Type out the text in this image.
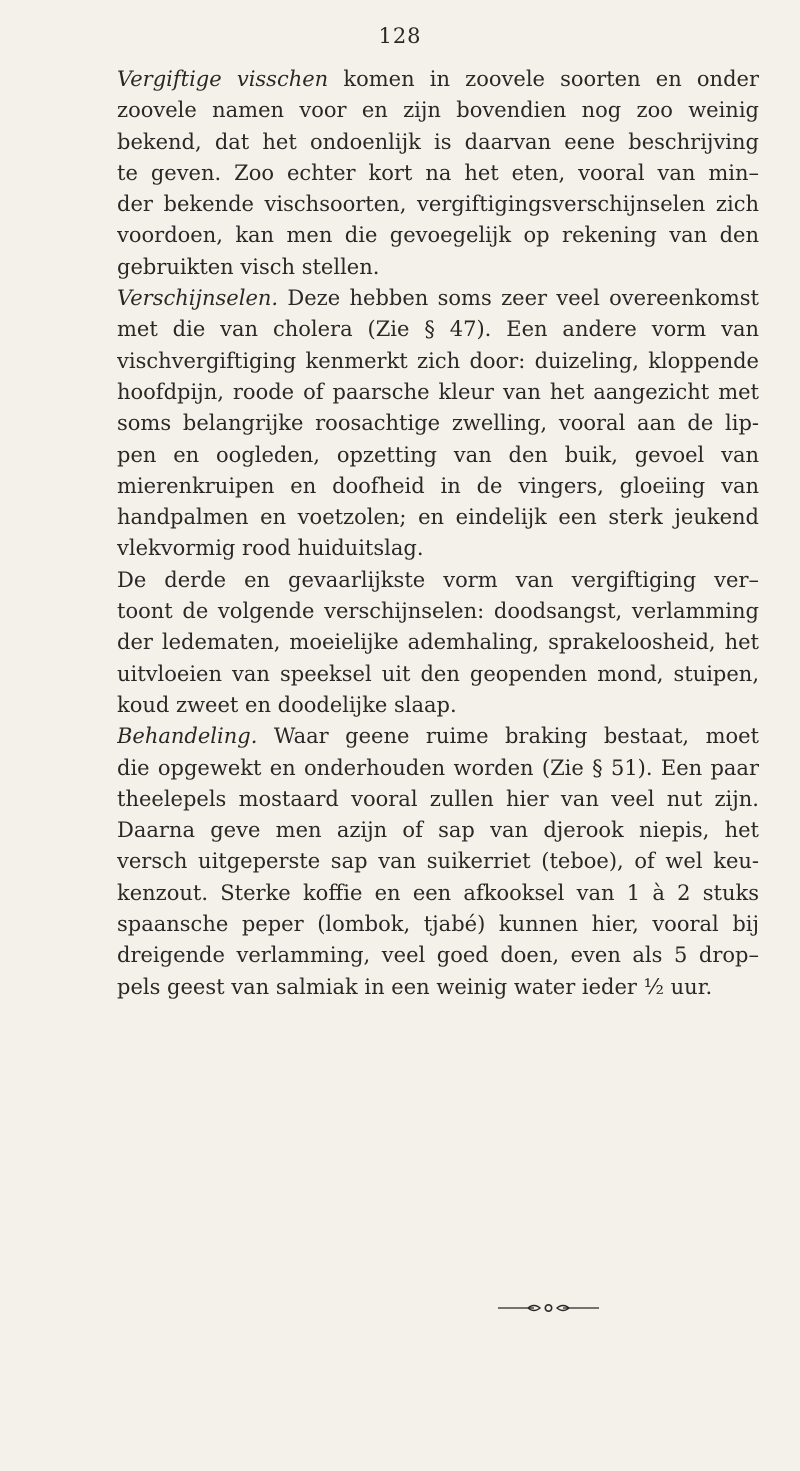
128
Vergiftige visschen komen in zoovele soorten en onder
zoovele namen voor en zijn bovendien nog zoo weinig
bekend, dat het ondoenlijk is daarvan eene beschrijving
te geven. Zoo echter kort na het eten, vooral van min–
der bekende vischsoorten, vergiftigingsverschijnselen zich
voordoen, kan men die gevoegelijk op rekening van den
gebruikten visch stellen.
Verschijnselen. Deze hebben soms zeer veel overeenkomst
met die van cholera (Zie § 47). Een andere vorm van
vischvergiftiging kenmerkt zich door: duizeling, kloppende
hoofdpijn, roode of paarsche kleur van het aangezicht met
soms belangrijke roosachtige zwelling, vooral aan de lip-
pen en oogleden, opzetting van den buik, gevoel van
mierenkruipen en doofheid in de vingers, gloeiing van
handpalmen en voetzolen; en eindelijk een sterk jeukend
vlekvormig rood huiduitslag.
De derde en gevaarlijkste vorm van vergiftiging ver–
toont de volgende verschijnselen: doodsangst, verlamming
der ledematen, moeielijke ademhaling, sprakeloosheid, het
uitvloeien van speeksel uit den geopenden mond, stuipen,
koud zweet en doodelijke slaap.
Behandeling. Waar geene ruime braking bestaat, moet
die opgewekt en onderhouden worden (Zie § 51). Een paar
theelepels mostaard vooral zullen hier van veel nut zijn.
Daarna geve men azijn of sap van djerook niepis, het
versch uitgeperste sap van suikerriet (teboe), of wel keu-
kenzout. Sterke koffie en een afkooksel van 1 à 2 stuks
spaansche peper (lombok, tjabé) kunnen hier, vooral bij
dreigende verlamming, veel goed doen, even als 5 drop–
pels geest van salmiak in een weinig water ieder ½ uur.
